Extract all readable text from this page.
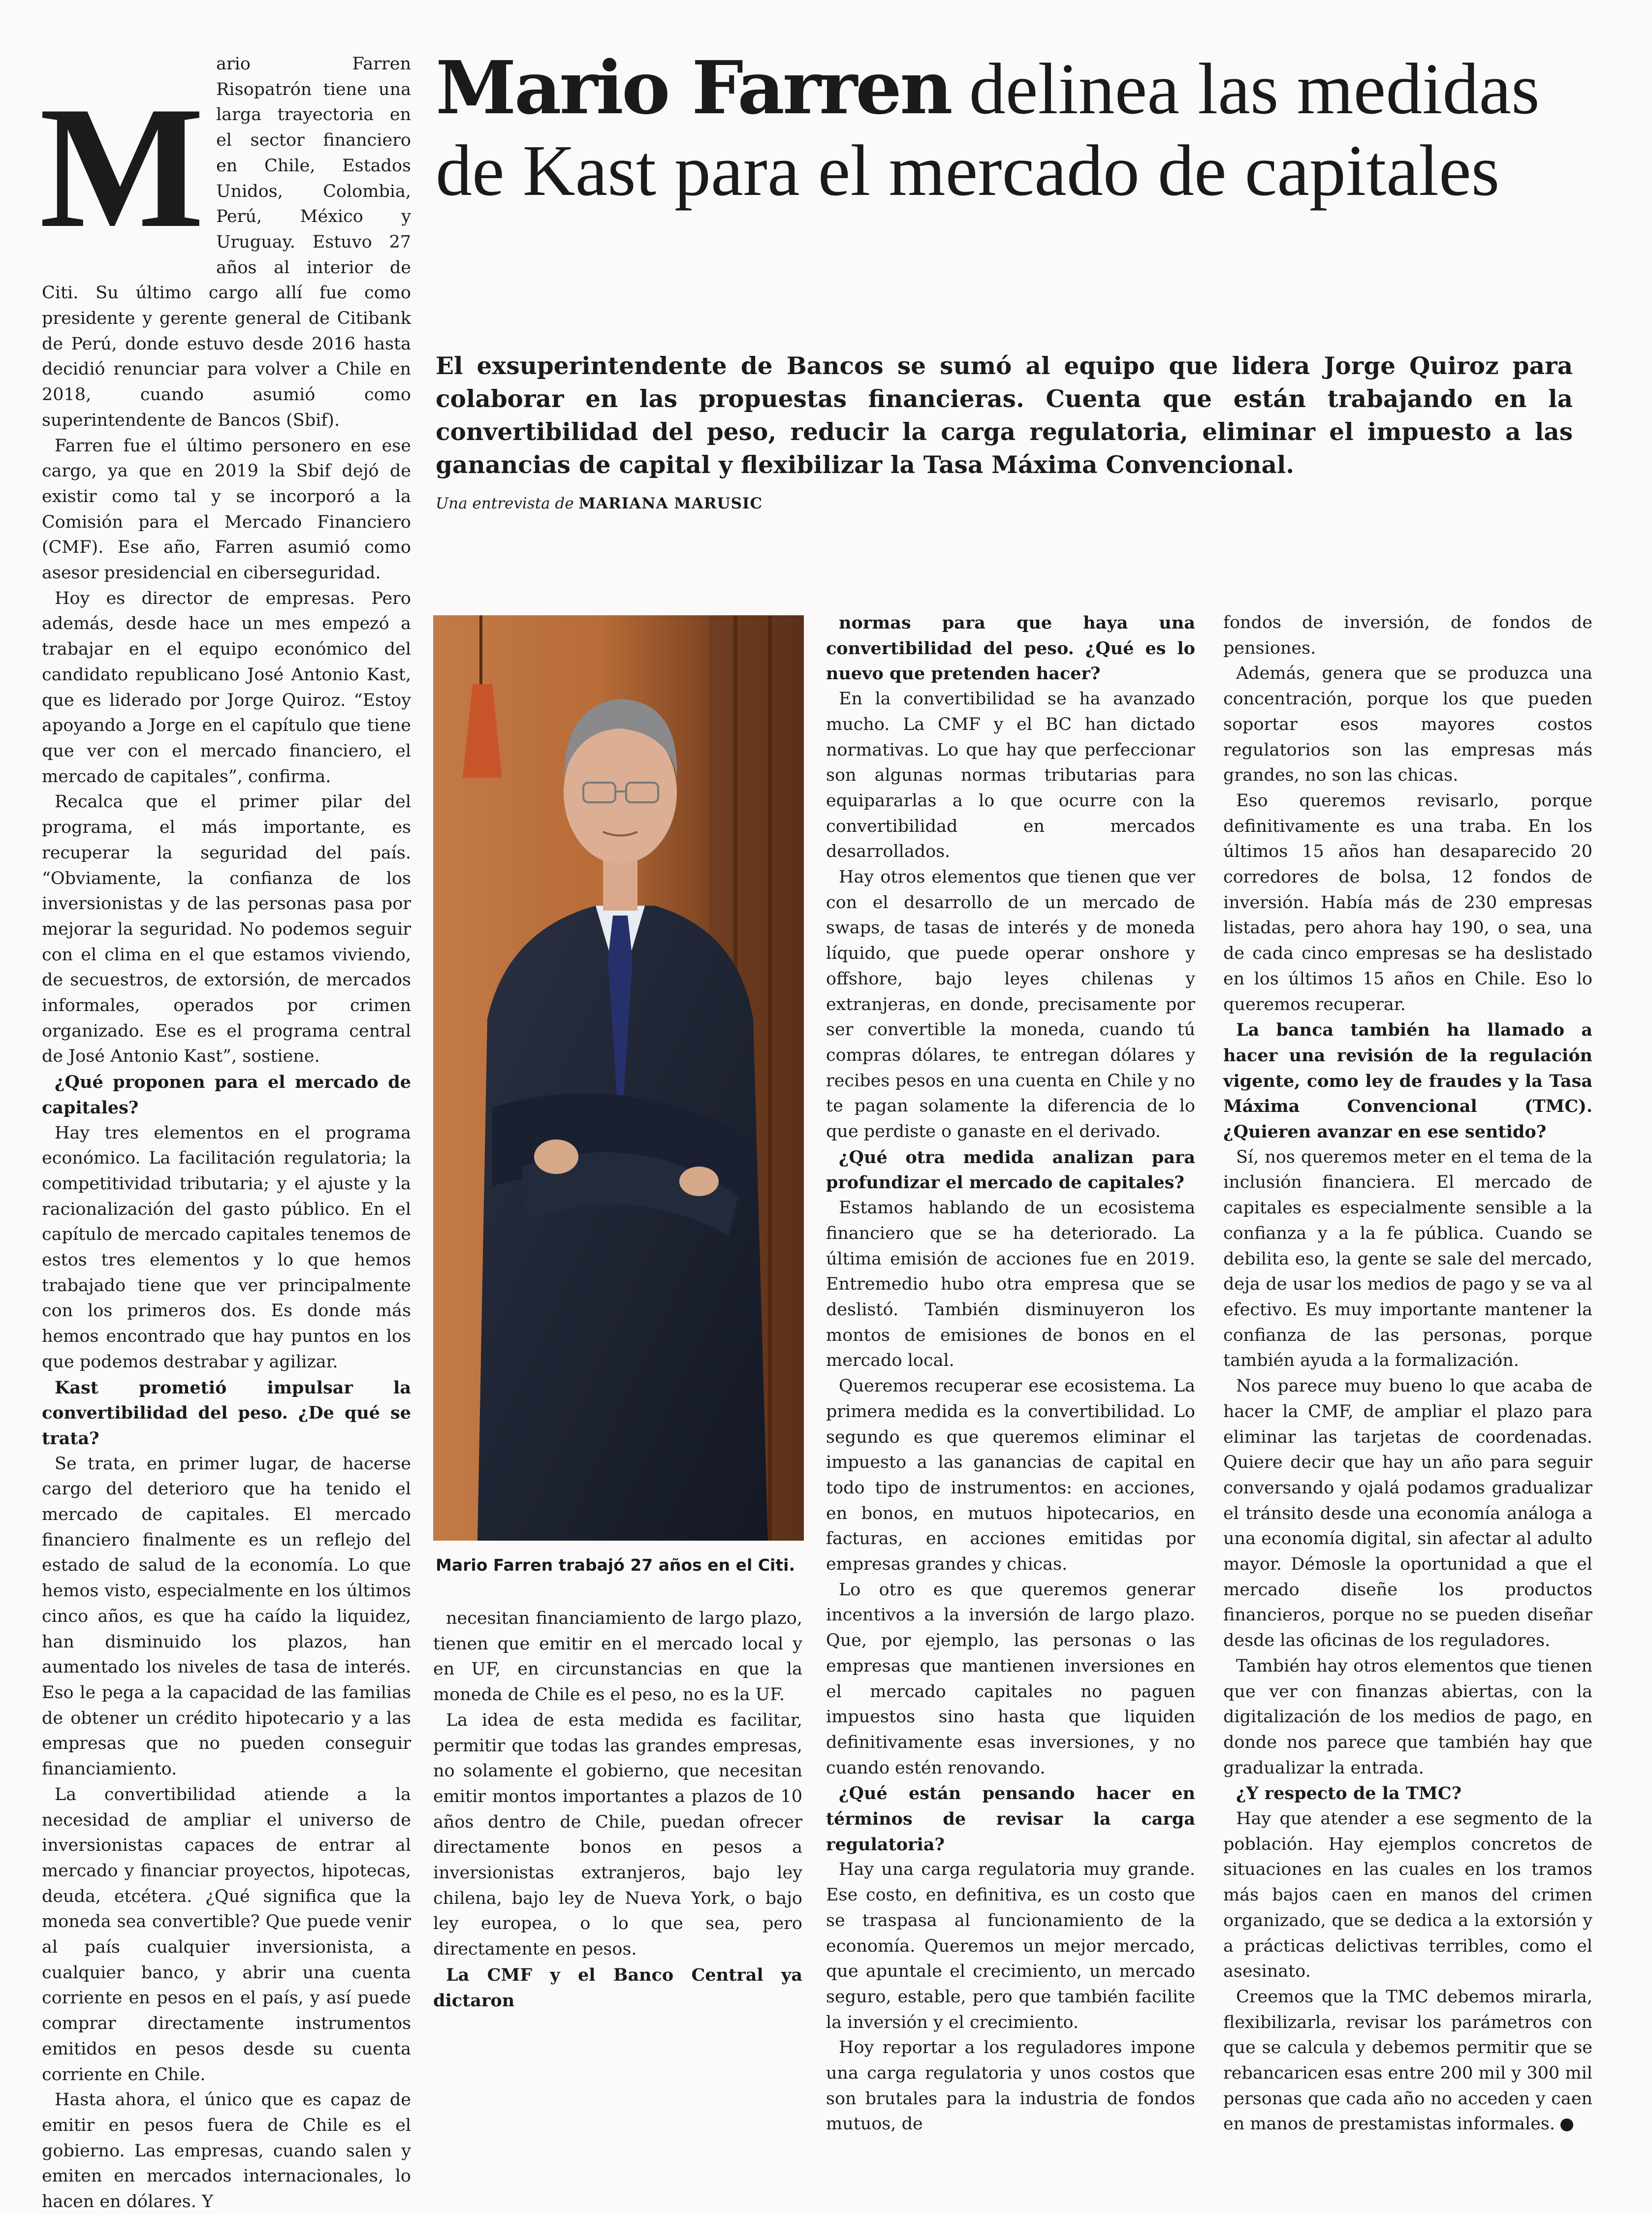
M

ario Farren Risopatrón tiene una larga trayectoria en el sector financiero en Chile, Estados Unidos, Colombia, Perú, México y Uruguay. Estuvo 27 años al interior de Citi. Su último cargo allí fue como presidente y gerente general de Citibank de Perú, donde estuvo desde 2016 hasta decidió renunciar para volver a Chile en 2018, cuando asumió como superintendente de Bancos (Sbif).

Farren fue el último personero en ese cargo, ya que en 2019 la Sbif dejó de existir como tal y se incorporó a la Comisión para el Mercado Financiero (CMF). Ese año, Farren asumió como asesor presidencial en ciberseguridad.

Hoy es director de empresas. Pero además, desde hace un mes empezó a trabajar en el equipo económico del candidato republicano José Antonio Kast, que es liderado por Jorge Quiroz. “Estoy apoyando a Jorge en el capítulo que tiene que ver con el mercado financiero, el mercado de capitales”, confirma.

Recalca que el primer pilar del programa, el más importante, es recuperar la seguridad del país. “Obviamente, la confianza de los inversionistas y de las personas pasa por mejorar la seguridad. No podemos seguir con el clima en el que estamos viviendo, de secuestros, de extorsión, de mercados informales, operados por crimen organizado. Ese es el programa central de José Antonio Kast”, sostiene.

¿Qué proponen para el mercado de capitales?

Hay tres elementos en el programa económico. La facilitación regulatoria; la competitividad tributaria; y el ajuste y la racionalización del gasto público. En el capítulo de mercado capitales tenemos de estos tres elementos y lo que hemos trabajado tiene que ver principalmente con los primeros dos. Es donde más hemos encontrado que hay puntos en los que podemos destrabar y agilizar.

Kast prometió impulsar la convertibilidad del peso. ¿De qué se trata?

Se trata, en primer lugar, de hacerse cargo del deterioro que ha tenido el mercado de capitales. El mercado financiero finalmente es un reflejo del estado de salud de la economía. Lo que hemos visto, especialmente en los últimos cinco años, es que ha caído la liquidez, han disminuido los plazos, han aumentado los niveles de tasa de interés. Eso le pega a la capacidad de las familias de obtener un crédito hipotecario y a las empresas que no pueden conseguir financiamiento.

La convertibilidad atiende a la necesidad de ampliar el universo de inversionistas capaces de entrar al mercado y financiar proyectos, hipotecas, deuda, etcétera. ¿Qué significa que la moneda sea convertible? Que puede venir al país cualquier inversionista, a cualquier banco, y abrir una cuenta corriente en pesos en el país, y así puede comprar directamente instrumentos emitidos en pesos desde su cuenta corriente en Chile.

Hasta ahora, el único que es capaz de emitir en pesos fuera de Chile es el gobierno. Las empresas, cuando salen y emiten en mercados internacionales, lo hacen en dólares. Y

Mario Farren delinea las medidas de Kast para el mercado de capitales

El exsuperintendente de Bancos se sumó al equipo que lidera Jorge Quiroz para colaborar en las propuestas financieras. Cuenta que están trabajando en la convertibilidad del peso, reducir la carga regulatoria, eliminar el impuesto a las ganancias de capital y flexibilizar la Tasa Máxima Convencional.

Una entrevista de MARIANA MARUSIC

Mario Farren trabajó 27 años en el Citi.

necesitan financiamiento de largo plazo, tienen que emitir en el mercado local y en UF, en circunstancias en que la moneda de Chile es el peso, no es la UF.

La idea de esta medida es facilitar, permitir que todas las grandes empresas, no solamente el gobierno, que necesitan emitir montos importantes a plazos de 10 años dentro de Chile, puedan ofrecer directamente bonos en pesos a inversionistas extranjeros, bajo ley chilena, bajo ley de Nueva York, o bajo ley europea, o lo que sea, pero directamente en pesos.

La CMF y el Banco Central ya dictaron

normas para que haya una convertibilidad del peso. ¿Qué es lo nuevo que pretenden hacer?

En la convertibilidad se ha avanzado mucho. La CMF y el BC han dictado normativas. Lo que hay que perfeccionar son algunas normas tributarias para equipararlas a lo que ocurre con la convertibilidad en mercados desarrollados.

Hay otros elementos que tienen que ver con el desarrollo de un mercado de swaps, de tasas de interés y de moneda líquido, que puede operar onshore y offshore, bajo leyes chilenas y extranjeras, en donde, precisamente por ser convertible la moneda, cuando tú compras dólares, te entregan dólares y recibes pesos en una cuenta en Chile y no te pagan solamente la diferencia de lo que perdiste o ganaste en el derivado.

¿Qué otra medida analizan para profundizar el mercado de capitales?

Estamos hablando de un ecosistema financiero que se ha deteriorado. La última emisión de acciones fue en 2019. Entremedio hubo otra empresa que se deslistó. También disminuyeron los montos de emisiones de bonos en el mercado local.

Queremos recuperar ese ecosistema. La primera medida es la convertibilidad. Lo segundo es que queremos eliminar el impuesto a las ganancias de capital en todo tipo de instrumentos: en acciones, en bonos, en mutuos hipotecarios, en facturas, en acciones emitidas por empresas grandes y chicas.

Lo otro es que queremos generar incentivos a la inversión de largo plazo. Que, por ejemplo, las personas o las empresas que mantienen inversiones en el mercado capitales no paguen impuestos sino hasta que liquiden definitivamente esas inversiones, y no cuando estén renovando.

¿Qué están pensando hacer en términos de revisar la carga regulatoria?

Hay una carga regulatoria muy grande. Ese costo, en definitiva, es un costo que se traspasa al funcionamiento de la economía. Queremos un mejor mercado, que apuntale el crecimiento, un mercado seguro, estable, pero que también facilite la inversión y el crecimiento.

Hoy reportar a los reguladores impone una carga regulatoria y unos costos que son brutales para la industria de fondos mutuos, de

fondos de inversión, de fondos de pensiones.

Además, genera que se produzca una concentración, porque los que pueden soportar esos mayores costos regulatorios son las empresas más grandes, no son las chicas.

Eso queremos revisarlo, porque definitivamente es una traba. En los últimos 15 años han desaparecido 20 corredores de bolsa, 12 fondos de inversión. Había más de 230 empresas listadas, pero ahora hay 190, o sea, una de cada cinco empresas se ha deslistado en los últimos 15 años en Chile. Eso lo queremos recuperar.

La banca también ha llamado a hacer una revisión de la regulación vigente, como ley de fraudes y la Tasa Máxima Convencional (TMC). ¿Quieren avanzar en ese sentido?

Sí, nos queremos meter en el tema de la inclusión financiera. El mercado de capitales es especialmente sensible a la confianza y a la fe pública. Cuando se debilita eso, la gente se sale del mercado, deja de usar los medios de pago y se va al efectivo. Es muy importante mantener la confianza de las personas, porque también ayuda a la formalización.

Nos parece muy bueno lo que acaba de hacer la CMF, de ampliar el plazo para eliminar las tarjetas de coordenadas. Quiere decir que hay un año para seguir conversando y ojalá podamos gradualizar el tránsito desde una economía análoga a una economía digital, sin afectar al adulto mayor. Démosle la oportunidad a que el mercado diseñe los productos financieros, porque no se pueden diseñar desde las oficinas de los reguladores.

También hay otros elementos que tienen que ver con finanzas abiertas, con la digitalización de los medios de pago, en donde nos parece que también hay que gradualizar la entrada.

¿Y respecto de la TMC?

Hay que atender a ese segmento de la población. Hay ejemplos concretos de situaciones en las cuales en los tramos más bajos caen en manos del crimen organizado, que se dedica a la extorsión y a prácticas delictivas terribles, como el asesinato.

Creemos que la TMC debemos mirarla, flexibilizarla, revisar los parámetros con que se calcula y debemos permitir que se rebancaricen esas entre 200 mil y 300 mil personas que cada año no acceden y caen en manos de prestamistas informales. P
